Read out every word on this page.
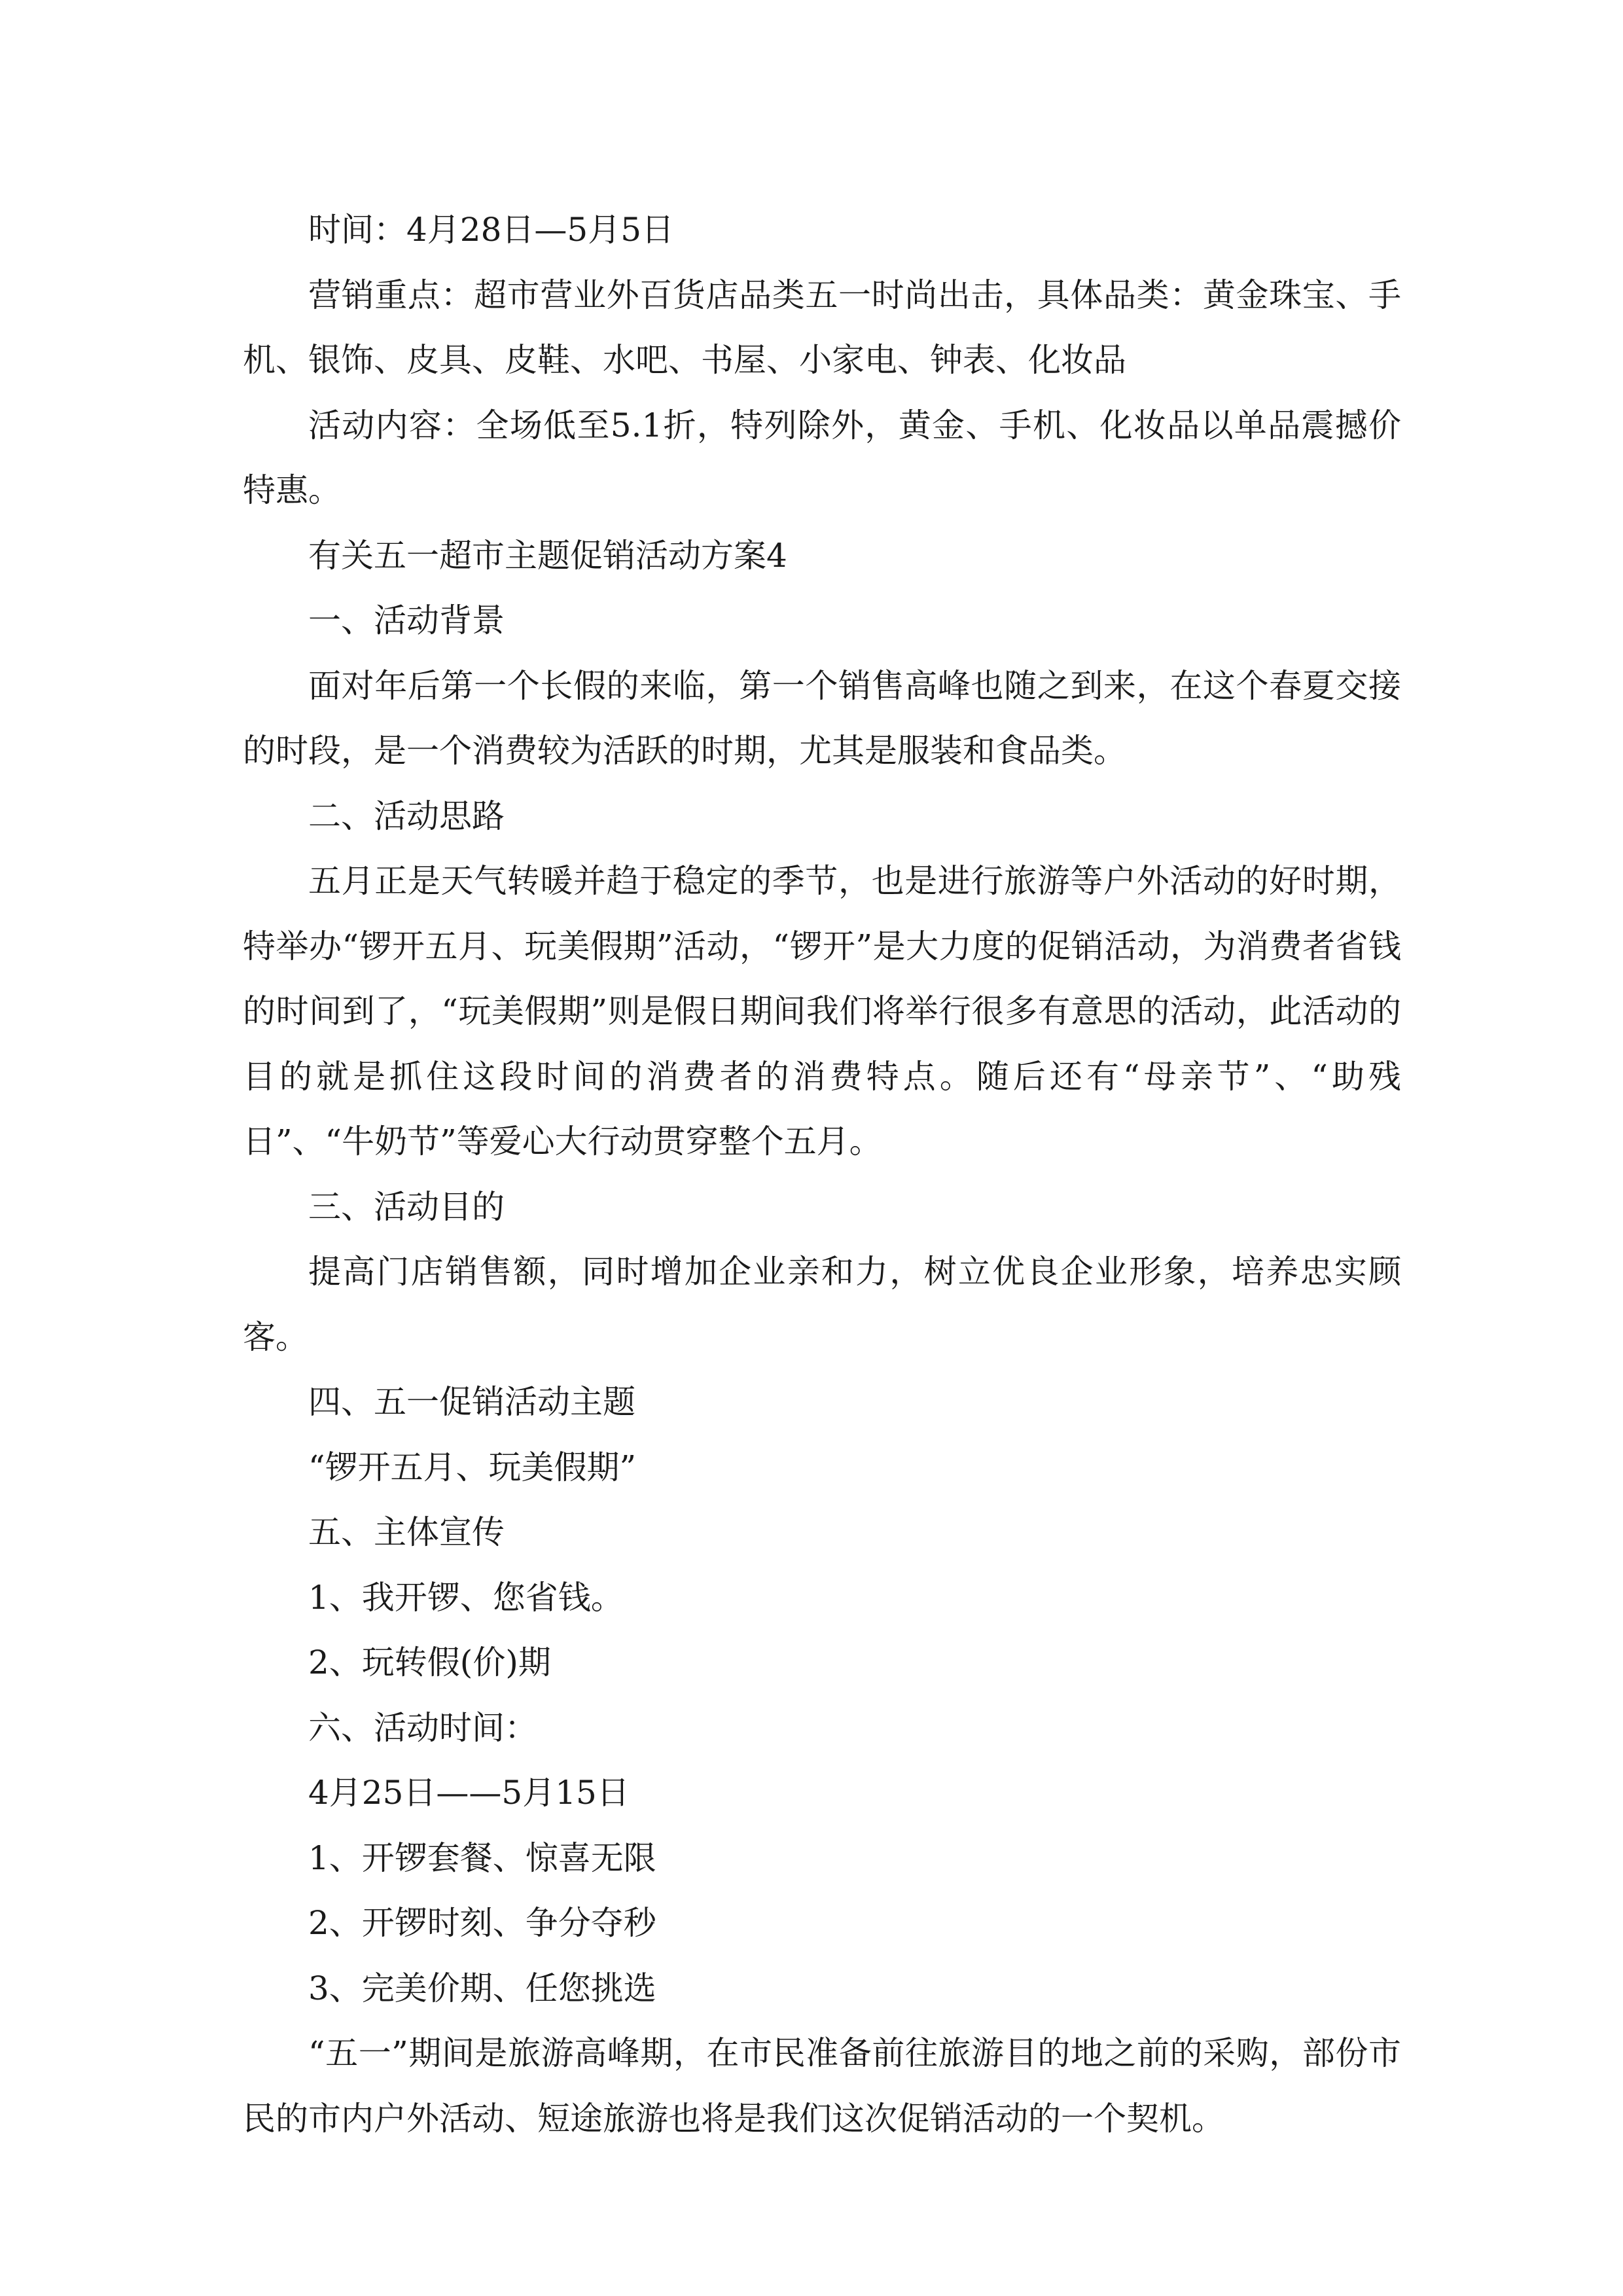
时间：4月28日—5月5日

营销重点：超市营业外百货店品类五一时尚出击，具体品类：黄金珠宝、手机、银饰、皮具、皮鞋、水吧、书屋、小家电、钟表、化妆品

活动内容：全场低至5.1折，特列除外，黄金、手机、化妆品以单品震撼价特惠。

有关五一超市主题促销活动方案4

一、活动背景

面对年后第一个长假的来临，第一个销售高峰也随之到来，在这个春夏交接的时段，是一个消费较为活跃的时期，尤其是服装和食品类。

二、活动思路

五月正是天气转暖并趋于稳定的季节，也是进行旅游等户外活动的好时期，特举办“锣开五月、玩美假期”活动，“锣开”是大力度的促销活动，为消费者省钱的时间到了，“玩美假期”则是假日期间我们将举行很多有意思的活动，此活动的目的就是抓住这段时间的消费者的消费特点。随后还有“母亲节”、“助残日”、“牛奶节”等爱心大行动贯穿整个五月。

三、活动目的

提高门店销售额，同时增加企业亲和力，树立优良企业形象，培养忠实顾客。

四、五一促销活动主题

“锣开五月、玩美假期”

五、主体宣传

1、我开锣、您省钱。

2、玩转假(价)期

六、活动时间：

4月25日——5月15日

1、开锣套餐、惊喜无限

2、开锣时刻、争分夺秒

3、完美价期、任您挑选

“五一”期间是旅游高峰期，在市民准备前往旅游目的地之前的采购，部份市民的市内户外活动、短途旅游也将是我们这次促销活动的一个契机。
